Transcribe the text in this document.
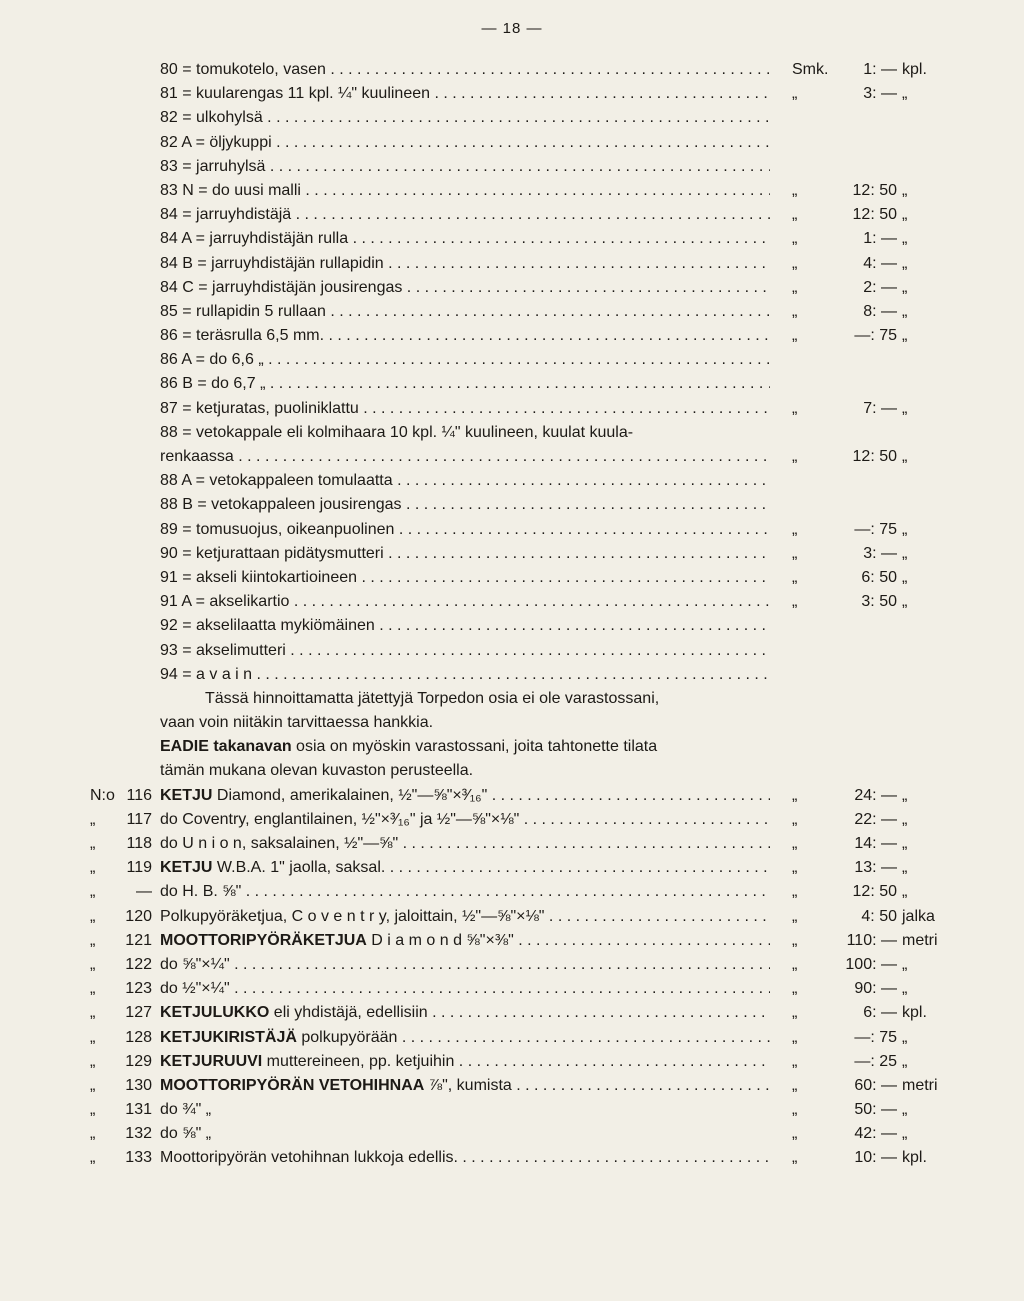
— 18 —
80 = tomukotelo, vasen . . .	Smk.	1: — kpl.
81 = kuularengas 11 kpl. ¼" kuulineen . . .	„	3: — „
82 = ulkohylsä . . .
82 A = öljykuppi . . .
83 = jarruhylsä . . .
83 N = do uusi malli . . .	„	12: 50 „
84 = jarruyhdistäjä . . .	„	12: 50 „
84 A = jarruyhdistäjän rulla . . .	„	1: — „
84 B = jarruyhdistäjän rullapidin . . .	„	4: — „
84 C = jarruyhdistäjän jousirengas . . .	„	2: — „
85 = rullapidin 5 rullaan . . .	„	8: — „
86 = teräsrulla 6,5 mm. . . .	„	—: 75 „
86 A = do 6,6 „ . . .
86 B = do 6,7 „ . . .
87 = ketjuratas, puoliniklattu . . .	„	7: — „
88 = vetokappale eli kolmihaara 10 kpl. ¼" kuulineen, kuulat kuula-
renkaassa . . .	„	12: 50 „
88 A = vetokappaleen tomulaatta . . .
88 B = vetokappaleen jousirengas . . .
89 = tomusuojus, oikeanpuolinen . . .	„	—: 75 „
90 = ketjurattaan pidätysmutteri . . .	„	3: — „
91 = akseli kiintokartioineen . . .	„	6: 50 „
91 A = akselikartio . . .	„	3: 50 „
92 = akselilaatta mykiömäinen . . .
93 = akselimutteri . . .
94 = a v a i n . . .
Tässä hinnoittamatta jätettyjä Torpedon osia ei ole varastossani,
vaan voin niitäkin tarvittaessa hankkia.
EADIE takanavan osia on myöskin varastossani, joita tahtonette tilata
tämän mukana olevan kuvaston perusteella.
N:o 116 KETJU Diamond, amerikalainen, ½"—⅝"×³⁄₁₆" . . .	„	24: — „
„	117 do Coventry, englantilainen, ½"×³⁄₁₆" ja ½"—⅝"×⅛" . . .	„	22: — „
„	118 do U n i o n, saksalainen, ½"—⅝" . . .	„	14: — „
„	119 KETJU W.B.A. 1" jaolla, saksal. . . .	„	13: — „
„	— do H. B. ⅝" . . .	„	12: 50 „
„	120 Polkupyöräketjua, C o v e n t r y, jaloittain, ½"—⅝"×⅛" . . .	„	4: 50 jalka
„	121 MOOTTORIPYÖRÄKETJUA D i a m o n d ⅝"×⅜" . . .	„	110: — metri
„	122 do ⅝"×¼" . . .	„	100: — „
„	123 do ½"×¼" . . .	„	90: — „
„	127 KETJULUKKO eli yhdistäjä, edellisiin . . .	„	6: — kpl.
„	128 KETJUKIRISTÄJÄ polkupyörään . . .	„	—: 75 „
„	129 KETJURUUVI muttereineen, pp. ketjuihin . . .	„	—: 25 „
„	130 MOOTTORIPYÖRÄN VETOHIHNAA ⅞", kumista . . .	„	60: — metri
„	131 do ¾" „	„	50: — „
„	132 do ⅝" „	„	42: — „
„	133 Moottoripyörän vetohihnan lukkoja edellis. . . .	„	10: — kpl.
